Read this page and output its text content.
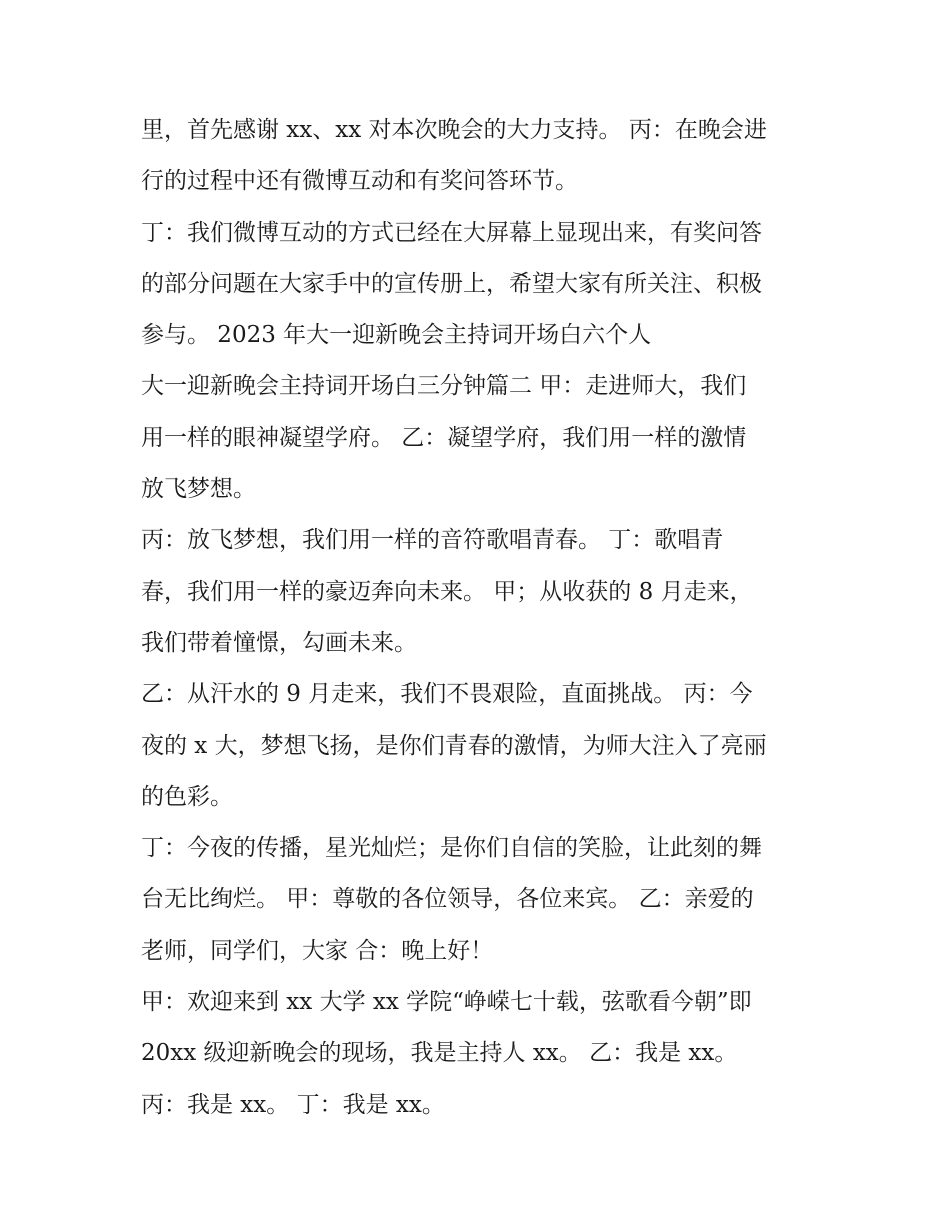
里，首先感谢 xx、xx 对本次晚会的大力支持。 丙：在晚会进
行的过程中还有微博互动和有奖问答环节。
丁：我们微博互动的方式已经在大屏幕上显现出来，有奖问答
的部分问题在大家手中的宣传册上，希望大家有所关注、积极
参与。 2023 年大一迎新晚会主持词开场白六个人
大一迎新晚会主持词开场白三分钟篇二 甲：走进师大，我们
用一样的眼神凝望学府。 乙：凝望学府，我们用一样的激情
放飞梦想。
丙：放飞梦想，我们用一样的音符歌唱青春。 丁：歌唱青
春，我们用一样的豪迈奔向未来。 甲；从收获的 8 月走来，
我们带着憧憬，勾画未来。
乙：从汗水的 9 月走来，我们不畏艰险，直面挑战。 丙：今
夜的 x 大，梦想飞扬，是你们青春的激情，为师大注入了亮丽
的色彩。
丁：今夜的传播，星光灿烂；是你们自信的笑脸，让此刻的舞
台无比绚烂。 甲：尊敬的各位领导，各位来宾。 乙：亲爱的
老师，同学们，大家 合：晚上好！
甲：欢迎来到 xx 大学 xx 学院“峥嵘七十载，弦歌看今朝”即
20xx 级迎新晚会的现场，我是主持人 xx。 乙：我是 xx。
丙：我是 xx。 丁：我是 xx。
